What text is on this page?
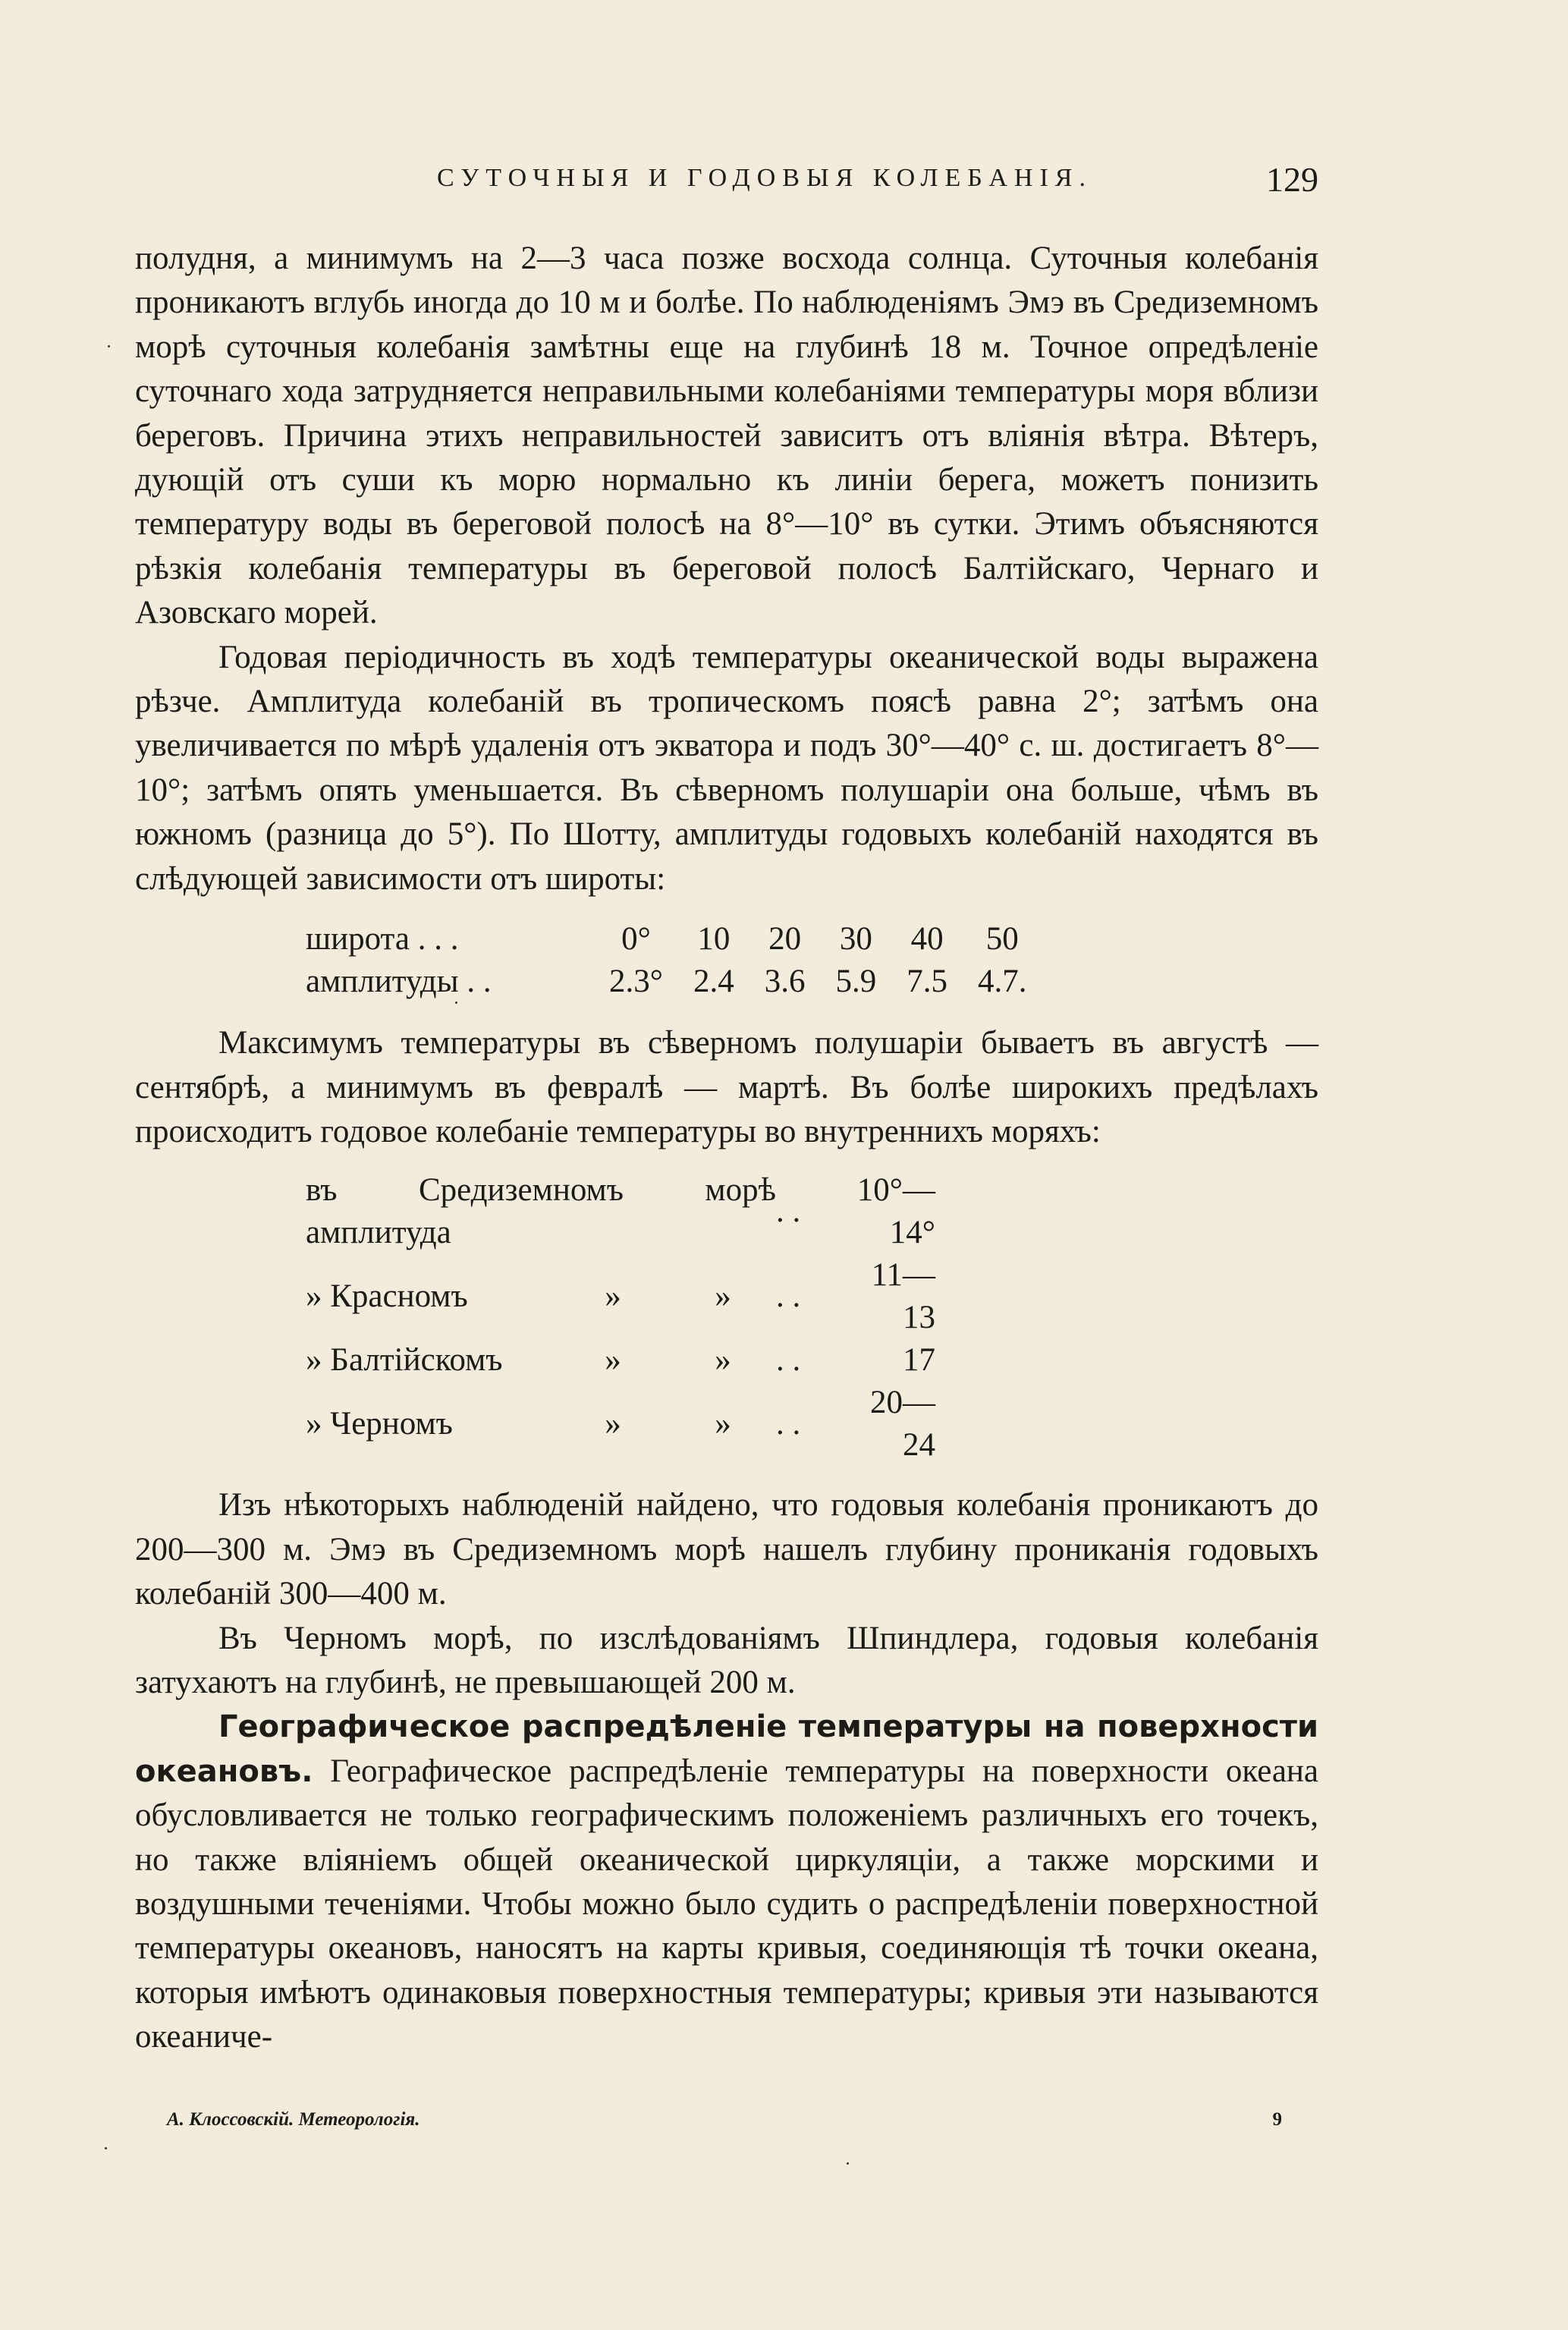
СУТОЧНЫЯ И ГОДОВЫЯ КОЛЕБАНІЯ.	129

полудня, а минимумъ на 2—3 часа позже восхода солнца. Суточныя колебанія проникаютъ вглубь иногда до 10 м и болѣе. По наблюденіямъ Эмэ въ Средиземномъ морѣ суточныя колебанія замѣтны еще на глубинѣ 18 м. Точное опредѣленіе суточнаго хода затрудняется неправильными колебаніями температуры моря вблизи береговъ. Причина этихъ неправильностей зависитъ отъ вліянія вѣтра. Вѣтеръ, дующій отъ суши къ морю нормально къ линіи берега, можетъ понизить температуру воды въ береговой полосѣ на 8°—10° въ сутки. Этимъ объясняются рѣзкія колебанія температуры въ береговой полосѣ Балтійскаго, Чернаго и Азовскаго морей.

Годовая періодичность въ ходѣ температуры океанической воды выражена рѣзче. Амплитуда колебаній въ тропическомъ поясѣ равна 2°; затѣмъ она увеличивается по мѣрѣ удаленія отъ экватора и подъ 30°—40° с. ш. достигаетъ 8°—10°; затѣмъ опять уменьшается. Въ сѣверномъ полушаріи она больше, чѣмъ въ южномъ (разница до 5°). По Шотту, амплитуды годовыхъ колебаній находятся въ слѣдующей зависимости отъ широты:

широта . . .	0°	10	20	30	40	50
амплитуды . .	2.3°	2.4	3.6	5.9	7.5	4.7.

Максимумъ температуры въ сѣверномъ полушаріи бываетъ въ августѣ — сентябрѣ, а минимумъ въ февралѣ — мартѣ. Въ болѣе широкихъ предѣлахъ происходитъ годовое колебаніе температуры во внутреннихъ моряхъ:

въ Средиземномъ морѣ амплитуда			. .	10°—14°
» Красномъ	»	»	. .	11—13
» Балтійскомъ	»	»	. .	17
» Черномъ	»	»	. .	20—24

Изъ нѣкоторыхъ наблюденій найдено, что годовыя колебанія проникаютъ до 200—300 м. Эмэ въ Средиземномъ морѣ нашелъ глубину прониканія годовыхъ колебаній 300—400 м.

Въ Черномъ морѣ, по изслѣдованіямъ Шпиндлера, годовыя колебанія затухаютъ на глубинѣ, не превышающей 200 м.

Географическое распредѣленіе температуры на поверхности океановъ. Географическое распредѣленіе температуры на поверхности океана обусловливается не только географическимъ положеніемъ различныхъ его точекъ, но также вліяніемъ общей океанической циркуляціи, а также морскими и воздушными теченіями. Чтобы можно было судить о распредѣленіи поверхностной температуры океановъ, наносятъ на карты кривыя, соединяющія тѣ точки океана, которыя имѣютъ одинаковыя поверхностныя температуры; кривыя эти называются океаниче-

А. Клоссовскій. Метеорологія.	9
